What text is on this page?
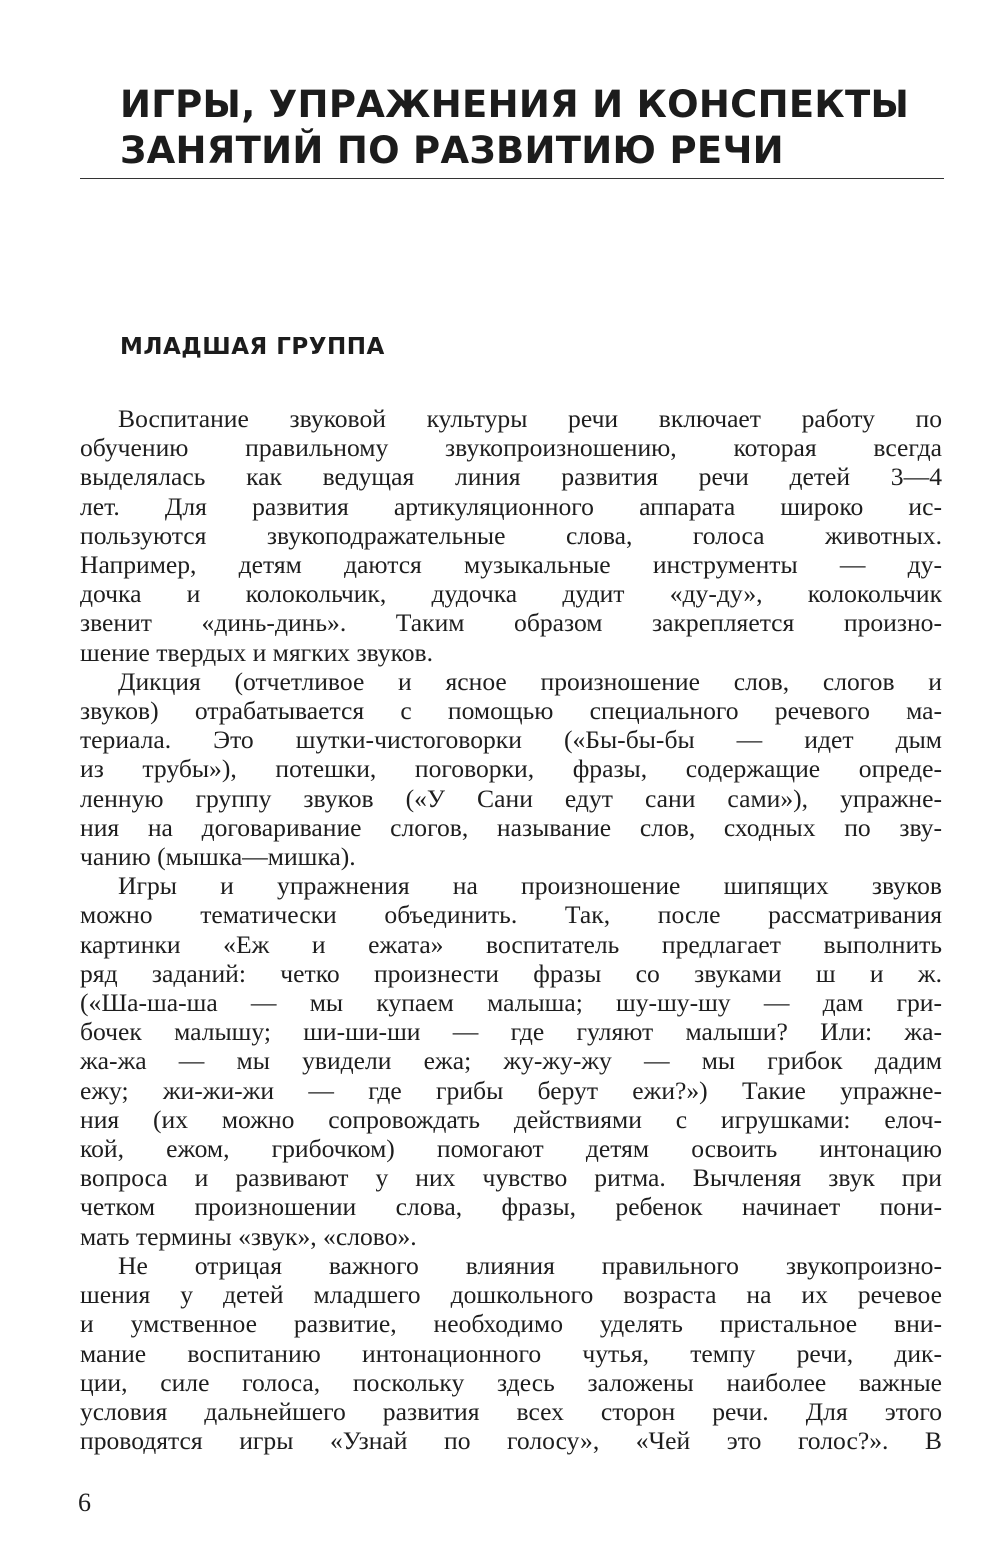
ИГРЫ, УПРАЖНЕНИЯ И КОНСПЕКТЫ
ЗАНЯТИЙ ПО РАЗВИТИЮ РЕЧИ
МЛАДШАЯ ГРУППА
Воспитание звуковой культуры речи включает работу по
обучению правильному звукопроизношению, которая всегда
выделялась как ведущая линия развития речи детей 3—4
лет. Для развития артикуляционного аппарата широко ис-
пользуются звукоподражательные слова, голоса животных.
Например, детям даются музыкальные инструменты — ду-
дочка и колокольчик, дудочка дудит «ду-ду», колокольчик
звенит «динь-динь». Таким образом закрепляется произно-
шение твердых и мягких звуков.
Дикция (отчетливое и ясное произношение слов, слогов и
звуков) отрабатывается с помощью специального речевого ма-
териала. Это шутки-чистоговорки («Бы-бы-бы — идет дым
из трубы»), потешки, поговорки, фразы, содержащие опреде-
ленную группу звуков («У Сани едут сани сами»), упражне-
ния на договаривание слогов, называние слов, сходных по зву-
чанию (мышка—мишка).
Игры и упражнения на произношение шипящих звуков
можно тематически объединить. Так, после рассматривания
картинки «Еж и ежата» воспитатель предлагает выполнить
ряд заданий: четко произнести фразы со звуками ш и ж.
(«Ша-ша-ша — мы купаем малыша; шу-шу-шу — дам гри-
бочек малышу; ши-ши-ши — где гуляют малыши? Или: жа-
жа-жа — мы увидели ежа; жу-жу-жу — мы грибок дадим
ежу; жи-жи-жи — где грибы берут ежи?») Такие упражне-
ния (их можно сопровождать действиями с игрушками: елоч-
кой, ежом, грибочком) помогают детям освоить интонацию
вопроса и развивают у них чувство ритма. Вычленяя звук при
четком произношении слова, фразы, ребенок начинает пони-
мать термины «звук», «слово».
Не отрицая важного влияния правильного звукопроизно-
шения у детей младшего дошкольного возраста на их речевое
и умственное развитие, необходимо уделять пристальное вни-
мание воспитанию интонационного чутья, темпу речи, дик-
ции, силе голоса, поскольку здесь заложены наиболее важные
условия дальнейшего развития всех сторон речи. Для этого
проводятся игры «Узнай по голосу», «Чей это голос?». В
6
